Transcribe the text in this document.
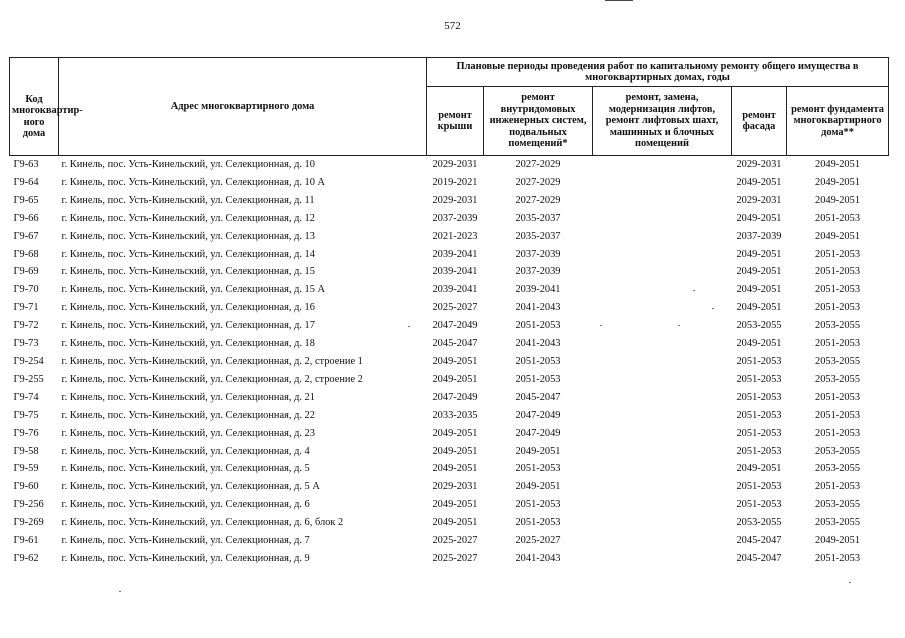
572
Код многоквартир-ного дома	Адрес многоквартирного дома	Плановые периоды проведения работ по капитальному ремонту общего имущества в многоквартирных домах, годы				
		ремонт крыши	ремонт внутридомовых инженерных систем, подвальных помещений*	ремонт, замена, модернизация лифтов, ремонт лифтовых шахт, машинных и блочных помещений	ремонт фасада	ремонт фундамента многоквартирного дома**
Г9-63	г. Кинель, пос. Усть-Кинельский, ул. Селекционная, д. 10	2029-2031	2027-2029		2029-2031	2049-2051
Г9-64	г. Кинель, пос. Усть-Кинельский, ул. Селекционная, д. 10 А	2019-2021	2027-2029		2049-2051	2049-2051
Г9-65	г. Кинель, пос. Усть-Кинельский, ул. Селекционная, д. 11	2029-2031	2027-2029		2029-2031	2049-2051
Г9-66	г. Кинель, пос. Усть-Кинельский, ул. Селекционная, д. 12	2037-2039	2035-2037		2049-2051	2051-2053
Г9-67	г. Кинель, пос. Усть-Кинельский, ул. Селекционная, д. 13	2021-2023	2035-2037		2037-2039	2049-2051
Г9-68	г. Кинель, пос. Усть-Кинельский, ул. Селекционная, д. 14	2039-2041	2037-2039		2049-2051	2051-2053
Г9-69	г. Кинель, пос. Усть-Кинельский, ул. Селекционная, д. 15	2039-2041	2037-2039		2049-2051	2051-2053
Г9-70	г. Кинель, пос. Усть-Кинельский, ул. Селекционная, д. 15 А	2039-2041	2039-2041		2049-2051	2051-2053
Г9-71	г. Кинель, пос. Усть-Кинельский, ул. Селекционная, д. 16	2025-2027	2041-2043		2049-2051	2051-2053
Г9-72	г. Кинель, пос. Усть-Кинельский, ул. Селекционная, д. 17	2047-2049	2051-2053		2053-2055	2053-2055
Г9-73	г. Кинель, пос. Усть-Кинельский, ул. Селекционная, д. 18	2045-2047	2041-2043		2049-2051	2051-2053
Г9-254	г. Кинель, пос. Усть-Кинельский, ул. Селекционная, д. 2, строение 1	2049-2051	2051-2053		2051-2053	2053-2055
Г9-255	г. Кинель, пос. Усть-Кинельский, ул. Селекционная, д. 2, строение 2	2049-2051	2051-2053		2051-2053	2053-2055
Г9-74	г. Кинель, пос. Усть-Кинельский, ул. Селекционная, д. 21	2047-2049	2045-2047		2051-2053	2051-2053
Г9-75	г. Кинель, пос. Усть-Кинельский, ул. Селекционная, д. 22	2033-2035	2047-2049		2051-2053	2051-2053
Г9-76	г. Кинель, пос. Усть-Кинельский, ул. Селекционная, д. 23	2049-2051	2047-2049		2051-2053	2051-2053
Г9-58	г. Кинель, пос. Усть-Кинельский, ул. Селекционная, д. 4	2049-2051	2049-2051		2051-2053	2053-2055
Г9-59	г. Кинель, пос. Усть-Кинельский, ул. Селекционная, д. 5	2049-2051	2051-2053		2049-2051	2053-2055
Г9-60	г. Кинель, пос. Усть-Кинельский, ул. Селекционная, д. 5 А	2029-2031	2049-2051		2051-2053	2051-2053
Г9-256	г. Кинель, пос. Усть-Кинельский, ул. Селекционная, д. 6	2049-2051	2051-2053		2051-2053	2053-2055
Г9-269	г. Кинель, пос. Усть-Кинельский, ул. Селекционная, д. 6, блок 2	2049-2051	2051-2053		2053-2055	2053-2055
Г9-61	г. Кинель, пос. Усть-Кинельский, ул. Селекционная, д. 7	2025-2027	2025-2027		2045-2047	2049-2051
Г9-62	г. Кинель, пос. Усть-Кинельский, ул. Селекционная, д. 9	2025-2027	2041-2043		2045-2047	2051-2053
